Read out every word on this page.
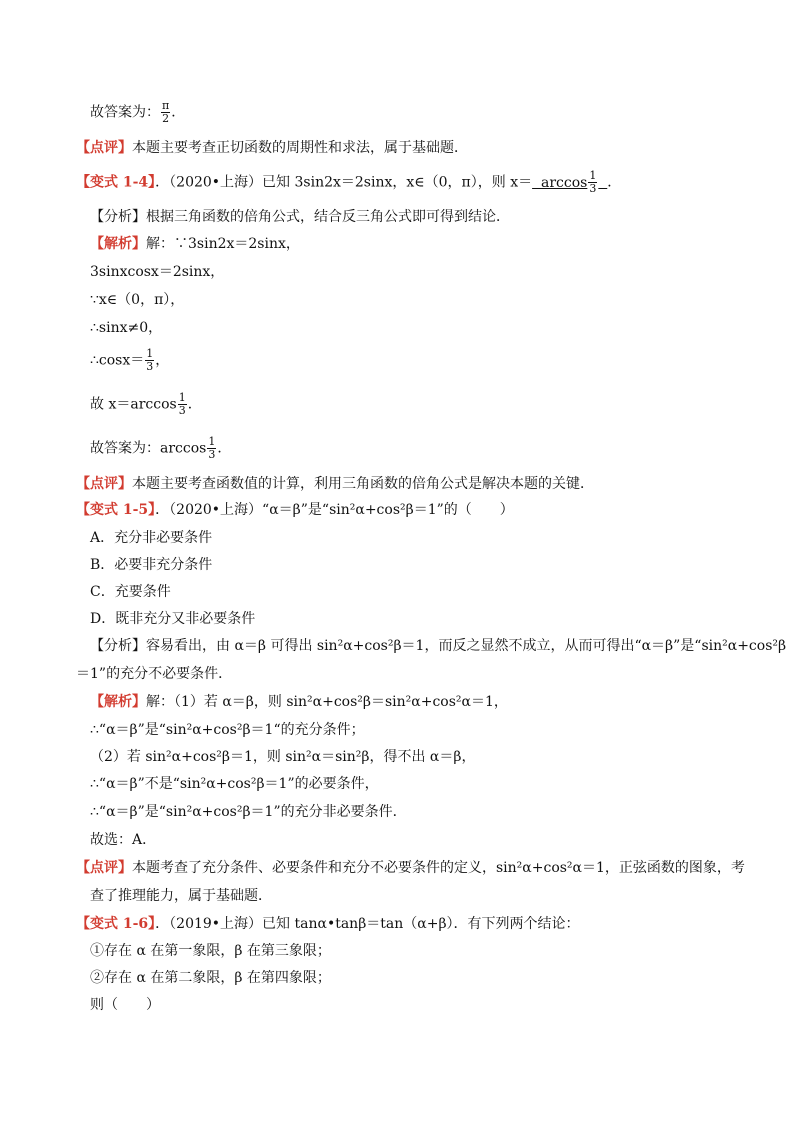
故答案为： $\frac{\pi}{2}$ ．
【点评】本题主要考查正切函数的周期性和求法，属于基础题．
【变式 1-4】．（2020•上海）已知 3sin2x＝2sinx，x∈（0，π），则 $x= \arccos \frac{1}{3}$ ．
【分析】根据三角函数的倍角公式，结合反三角公式即可得到结论．
【解析】解：∵3sin2x＝2sinx，
3sinxcosx＝2sinx，
∵x∈（0，π），
∴sinx≠0，
∴cosx＝ $\frac{1}{3}$ ，
故 $x=\arccos \frac{1}{3}$ ．
故答案为：$\arccos \frac{1}{3}$ ．
【点评】本题主要考查函数值的计算，利用三角函数的倍角公式是解决本题的关键．
【变式 1-5】．（2020•上海）“α＝β”是“sin²α+cos²β＝1”的（　　）
A．充分非必要条件
B．必要非充分条件
C．充要条件
D．既非充分又非必要条件
【分析】容易看出，由 α＝β 可得出 sin²α+cos²β＝1，而反之显然不成立，从而可得出“α＝β”是“sin²α+cos²β
＝1”的充分不必要条件．
【解析】解：（1）若 α＝β，则 sin²α+cos²β＝sin²α+cos²α＝1，
∴“α＝β”是“sin²α+cos²β＝1“的充分条件；
（2）若 sin²α+cos²β＝1，则 sin²α＝sin²β，得不出 α＝β，
∴“α＝β”不是“sin²α+cos²β＝1”的必要条件，
∴“α＝β”是“sin²α+cos²β＝1”的充分非必要条件．
故选：A．
【点评】本题考查了充分条件、必要条件和充分不必要条件的定义，sin²α+cos²α＝1，正弦函数的图象，考
查了推理能力，属于基础题．
【变式 1-6】．（2019•上海）已知 tanα•tanβ＝tan（α+β）．有下列两个结论：
①存在 α 在第一象限，β 在第三象限；
②存在 α 在第二象限，β 在第四象限；
则（　　）
